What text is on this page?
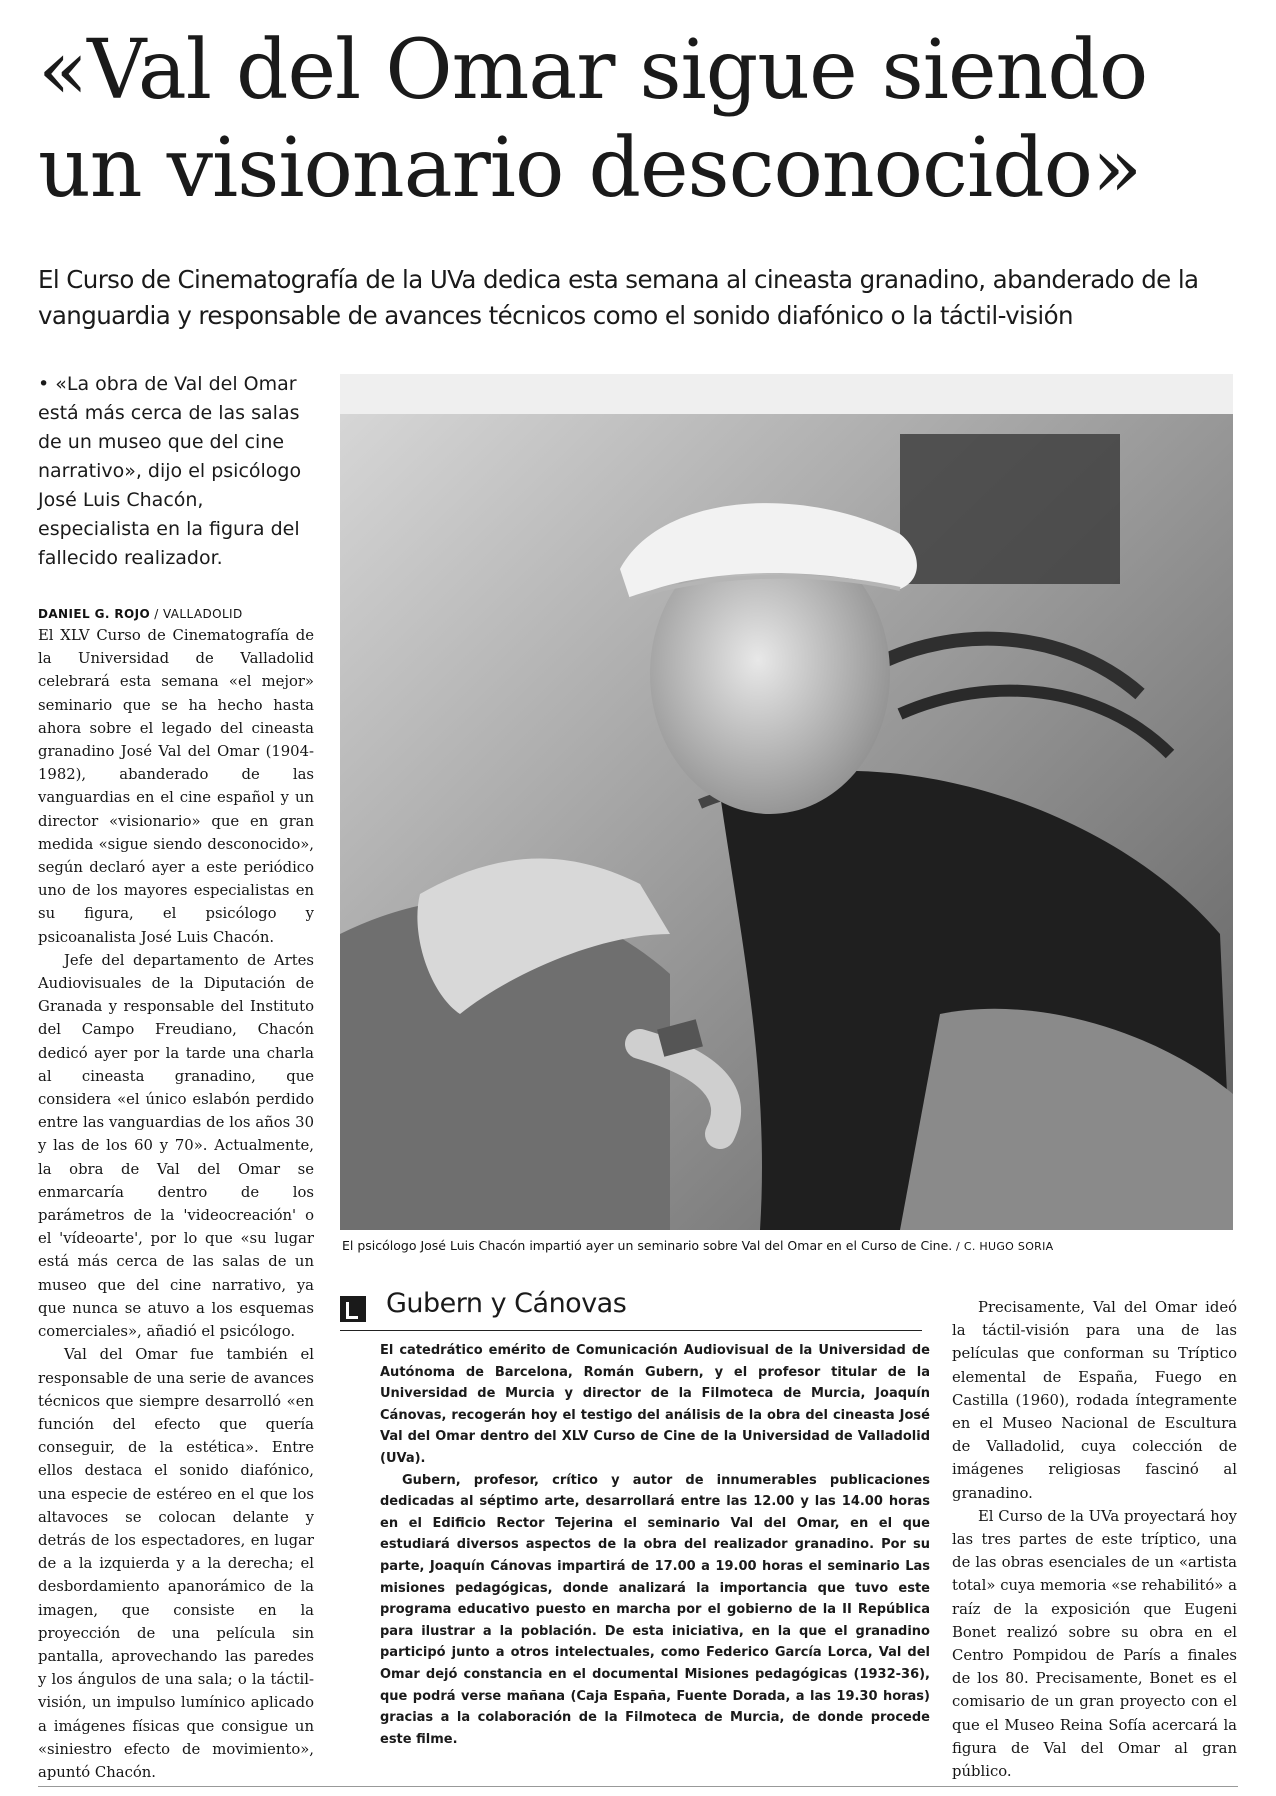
«Val del Omar sigue siendo un visionario desconocido»

El Curso de Cinematografía de la UVa dedica esta semana al cineasta granadino, abanderado de la vanguardia y responsable de avances técnicos como el sonido diafónico o la táctil-visión

• «La obra de Val del Omar está más cerca de las salas de un museo que del cine narrativo», dijo el psicólogo José Luis Chacón, especialista en la figura del fallecido realizador.

DANIEL G. ROJO / VALLADOLID

El XLV Curso de Cinematografía de la Universidad de Valladolid celebrará esta semana «el mejor» seminario que se ha hecho hasta ahora sobre el legado del cineasta granadino José Val del Omar (1904-1982), abanderado de las vanguardias en el cine español y un director «visionario» que en gran medida «sigue siendo desconocido», según declaró ayer a este periódico uno de los mayores especialistas en su figura, el psicólogo y psicoanalista José Luis Chacón.

Jefe del departamento de Artes Audiovisuales de la Diputación de Granada y responsable del Instituto del Campo Freudiano, Chacón dedicó ayer por la tarde una charla al cineasta granadino, que considera «el único eslabón perdido entre las vanguardias de los años 30 y las de los 60 y 70». Actualmente, la obra de Val del Omar se enmarcaría dentro de los parámetros de la 'videocreación' o el 'vídeoarte', por lo que «su lugar está más cerca de las salas de un museo que del cine narrativo, ya que nunca se atuvo a los esquemas comerciales», añadió el psicólogo.

Val del Omar fue también el responsable de una serie de avances técnicos que siempre desarrolló «en función del efecto que quería conseguir, de la estética». Entre ellos destaca el sonido diafónico, una especie de estéreo en el que los altavoces se colocan delante y detrás de los espectadores, en lugar de a la izquierda y a la derecha; el desbordamiento apanorámico de la imagen, que consiste en la proyección de una película sin pantalla, aprovechando las paredes y los ángulos de una sala; o la táctil-visión, un impulso lumínico aplicado a imágenes físicas que consigue un «siniestro efecto de movimiento», apuntó Chacón.

El psicólogo José Luis Chacón impartió ayer un seminario sobre Val del Omar en el Curso de Cine. / C. HUGO SORIA
Gubern y Cánovas

El catedrático emérito de Comunicación Audiovisual de la Universidad de Autónoma de Barcelona, Román Gubern, y el profesor titular de la Universidad de Murcia y director de la Filmoteca de Murcia, Joaquín Cánovas, recogerán hoy el testigo del análisis de la obra del cineasta José Val del Omar dentro del XLV Curso de Cine de la Universidad de Valladolid (UVa).

Gubern, profesor, crítico y autor de innumerables publicaciones dedicadas al séptimo arte, desarrollará entre las 12.00 y las 14.00 horas en el Edificio Rector Tejerina el seminario Val del Omar, en el que estudiará diversos aspectos de la obra del realizador granadino. Por su parte, Joaquín Cánovas impartirá de 17.00 a 19.00 horas el seminario Las misiones pedagógicas, donde analizará la importancia que tuvo este programa educativo puesto en marcha por el gobierno de la II República para ilustrar a la población. De esta iniciativa, en la que el granadino participó junto a otros intelectuales, como Federico García Lorca, Val del Omar dejó constancia en el documental Misiones pedagógicas (1932-36), que podrá verse mañana (Caja España, Fuente Dorada, a las 19.30 horas) gracias a la colaboración de la Filmoteca de Murcia, de donde procede este filme.

Precisamente, Val del Omar ideó la táctil-visión para una de las películas que conforman su Tríptico elemental de España, Fuego en Castilla (1960), rodada íntegramente en el Museo Nacional de Escultura de Valladolid, cuya colección de imágenes religiosas fascinó al granadino.

El Curso de la UVa proyectará hoy las tres partes de este tríptico, una de las obras esenciales de un «artista total» cuya memoria «se rehabilitó» a raíz de la exposición que Eugeni Bonet realizó sobre su obra en el Centro Pompidou de París a finales de los 80. Precisamente, Bonet es el comisario de un gran proyecto con el que el Museo Reina Sofía acercará la figura de Val del Omar al gran público.
